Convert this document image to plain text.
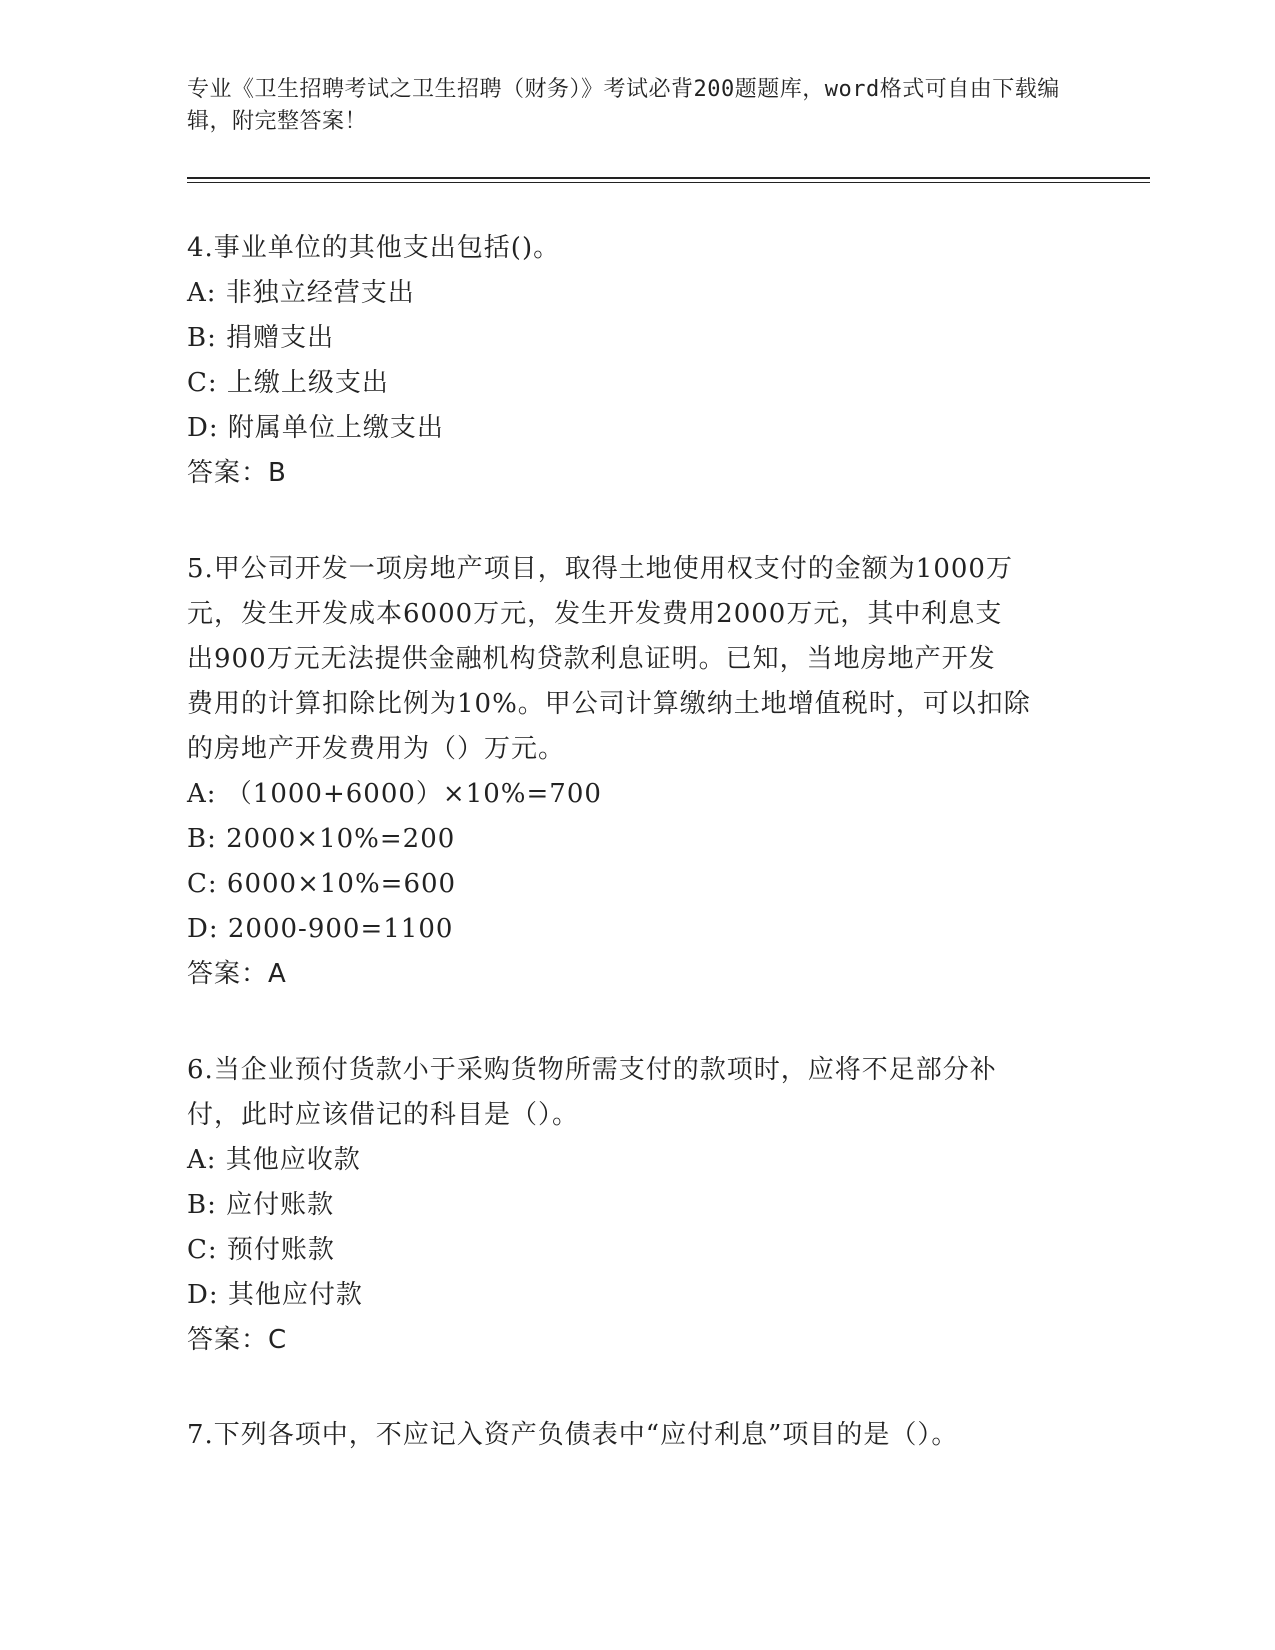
专业《卫生招聘考试之卫生招聘（财务）》考试必背200题题库，word格式可自由下载编辑，附完整答案！
4.事业单位的其他支出包括()。
A: 非独立经营支出
B: 捐赠支出
C: 上缴上级支出
D: 附属单位上缴支出
答案：B
5.甲公司开发一项房地产项目，取得土地使用权支付的金额为1000万
元，发生开发成本6000万元，发生开发费用2000万元，其中利息支
出900万元无法提供金融机构贷款利息证明。已知，当地房地产开发
费用的计算扣除比例为10%。甲公司计算缴纳土地增值税时，可以扣除
的房地产开发费用为（）万元。
A: （1000+6000）×10%=700
B: 2000×10%=200
C: 6000×10%=600
D: 2000-900=1100
答案：A
6.当企业预付货款小于采购货物所需支付的款项时，应将不足部分补
付，此时应该借记的科目是（）。
A: 其他应收款
B: 应付账款
C: 预付账款
D: 其他应付款
答案：C
7.下列各项中，不应记入资产负债表中“应付利息”项目的是（）。
